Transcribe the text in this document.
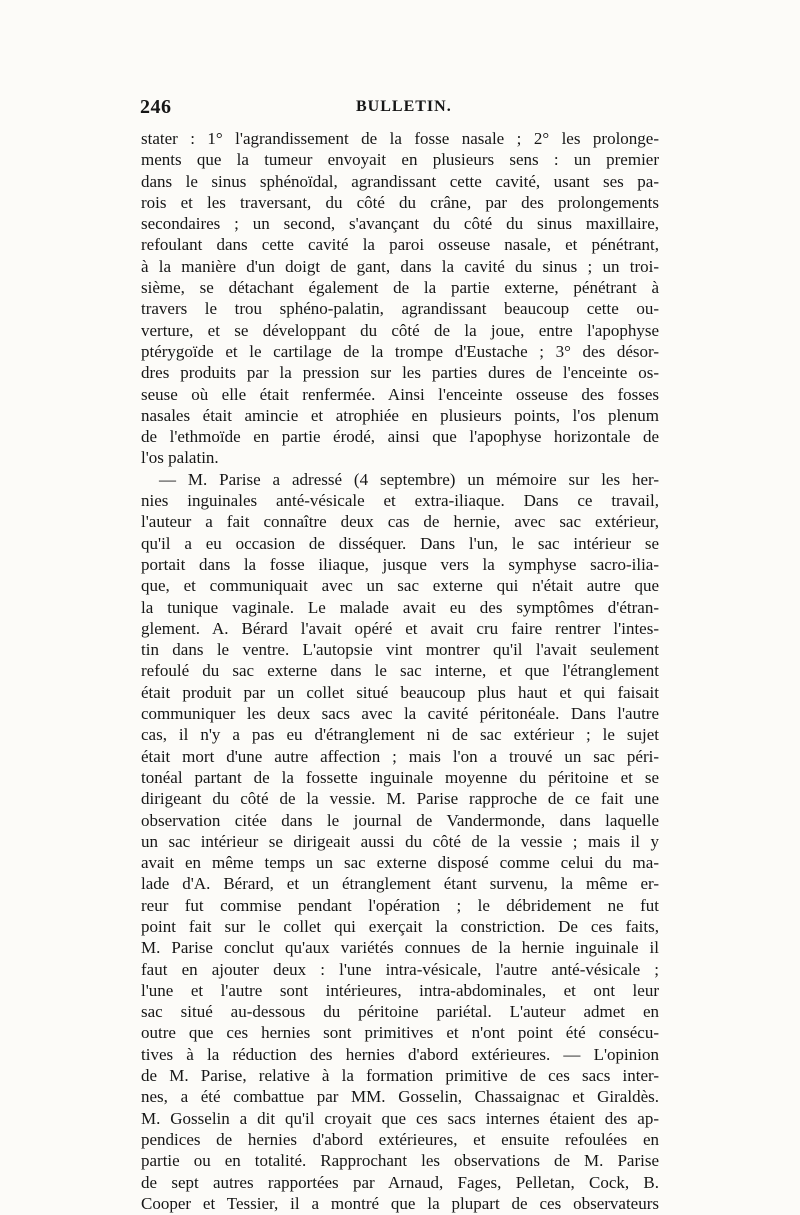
246	BULLETIN.
stater : 1° l'agrandissement de la fosse nasale ; 2° les prolonge-
ments que la tumeur envoyait en plusieurs sens : un premier
dans le sinus sphénoïdal, agrandissant cette cavité, usant ses pa-
rois et les traversant, du côté du crâne, par des prolongements
secondaires ; un second, s'avançant du côté du sinus maxillaire,
refoulant dans cette cavité la paroi osseuse nasale, et pénétrant,
à la manière d'un doigt de gant, dans la cavité du sinus ; un troi-
sième, se détachant également de la partie externe, pénétrant à
travers le trou sphéno-palatin, agrandissant beaucoup cette ou-
verture, et se développant du côté de la joue, entre l'apophyse
ptérygoïde et le cartilage de la trompe d'Eustache ; 3° des désor-
dres produits par la pression sur les parties dures de l'enceinte os-
seuse où elle était renfermée. Ainsi l'enceinte osseuse des fosses
nasales était amincie et atrophiée en plusieurs points, l'os plenum
de l'ethmoïde en partie érodé, ainsi que l'apophyse horizontale de
l'os palatin.
— M. Parise a adressé (4 septembre) un mémoire sur les her-
nies inguinales anté-vésicale et extra-iliaque. Dans ce travail,
l'auteur a fait connaître deux cas de hernie, avec sac extérieur,
qu'il a eu occasion de disséquer. Dans l'un, le sac intérieur se
portait dans la fosse iliaque, jusque vers la symphyse sacro-ilia-
que, et communiquait avec un sac externe qui n'était autre que
la tunique vaginale. Le malade avait eu des symptômes d'étran-
glement. A. Bérard l'avait opéré et avait cru faire rentrer l'intes-
tin dans le ventre. L'autopsie vint montrer qu'il l'avait seulement
refoulé du sac externe dans le sac interne, et que l'étranglement
était produit par un collet situé beaucoup plus haut et qui faisait
communiquer les deux sacs avec la cavité péritonéale. Dans l'autre
cas, il n'y a pas eu d'étranglement ni de sac extérieur ; le sujet
était mort d'une autre affection ; mais l'on a trouvé un sac péri-
tonéal partant de la fossette inguinale moyenne du péritoine et se
dirigeant du côté de la vessie. M. Parise rapproche de ce fait une
observation citée dans le journal de Vandermonde, dans laquelle
un sac intérieur se dirigeait aussi du côté de la vessie ; mais il y
avait en même temps un sac externe disposé comme celui du ma-
lade d'A. Bérard, et un étranglement étant survenu, la même er-
reur fut commise pendant l'opération ; le débridement ne fut
point fait sur le collet qui exerçait la constriction. De ces faits,
M. Parise conclut qu'aux variétés connues de la hernie inguinale il
faut en ajouter deux : l'une intra-vésicale, l'autre anté-vésicale ;
l'une et l'autre sont intérieures, intra-abdominales, et ont leur
sac situé au-dessous du péritoine pariétal. L'auteur admet en
outre que ces hernies sont primitives et n'ont point été consécu-
tives à la réduction des hernies d'abord extérieures. — L'opinion
de M. Parise, relative à la formation primitive de ces sacs inter-
nes, a été combattue par MM. Gosselin, Chassaignac et Giraldès.
M. Gosselin a dit qu'il croyait que ces sacs internes étaient des ap-
pendices de hernies d'abord extérieures, et ensuite refoulées en
partie ou en totalité. Rapprochant les observations de M. Parise
de sept autres rapportées par Arnaud, Fages, Pelletan, Cock, B.
Cooper et Tessier, il a montré que la plupart de ces observateurs
